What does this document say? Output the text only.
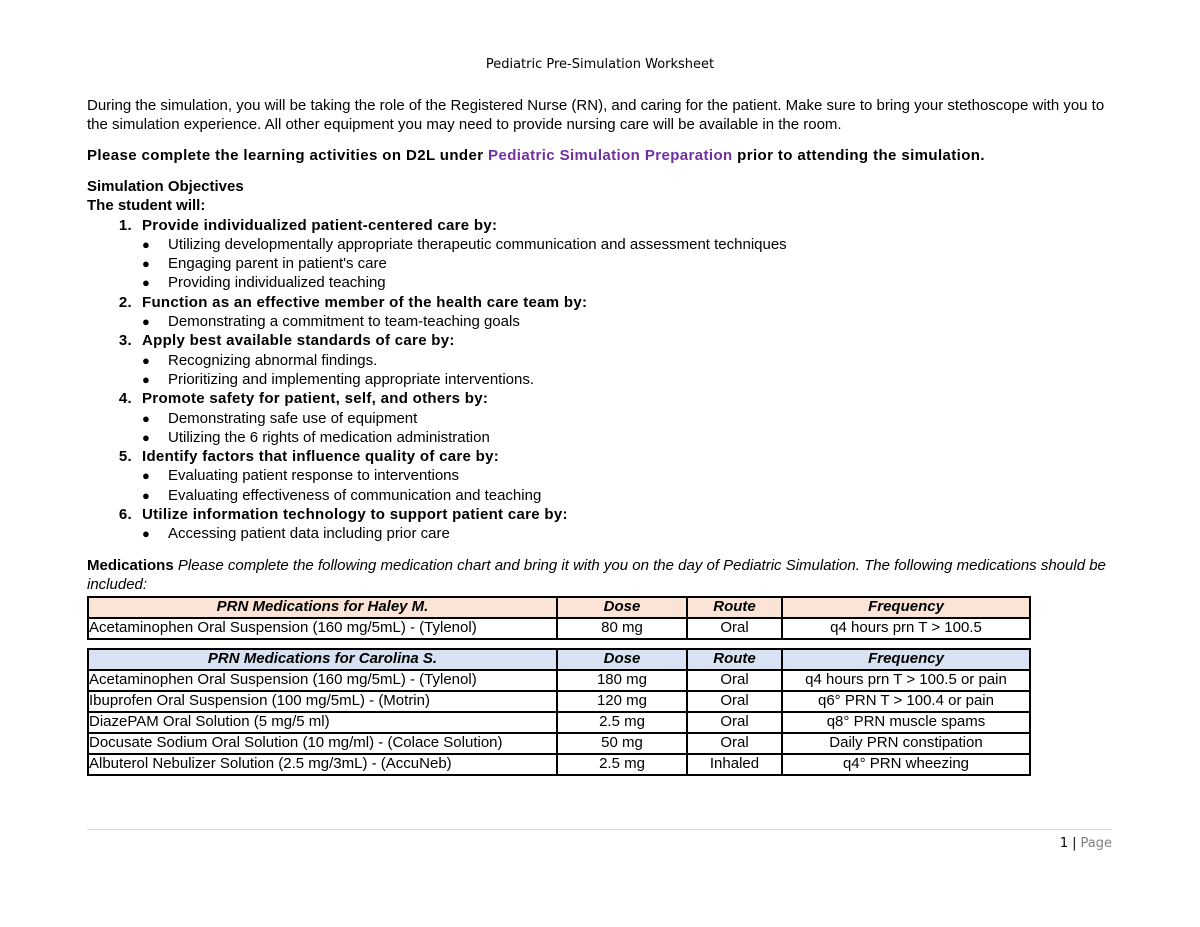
Pediatric Pre-Simulation Worksheet

During the simulation, you will be taking the role of the Registered Nurse (RN), and caring for the patient. Make sure to bring your stethoscope with you to the simulation experience. All other equipment you may need to provide nursing care will be available in the room.

Please complete the learning activities on D2L under Pediatric Simulation Preparation prior to attending the simulation.

Simulation Objectives
The student will:
1. Provide individualized patient-centered care by:
● Utilizing developmentally appropriate therapeutic communication and assessment techniques
● Engaging parent in patient's care
● Providing individualized teaching
2. Function as an effective member of the health care team by:
● Demonstrating a commitment to team-teaching goals
3. Apply best available standards of care by:
● Recognizing abnormal findings.
● Prioritizing and implementing appropriate interventions.
4. Promote safety for patient, self, and others by:
● Demonstrating safe use of equipment
● Utilizing the 6 rights of medication administration
5. Identify factors that influence quality of care by:
● Evaluating patient response to interventions
● Evaluating effectiveness of communication and teaching
6. Utilize information technology to support patient care by:
● Accessing patient data including prior care
Medications Please complete the following medication chart and bring it with you on the day of Pediatric Simulation. The following medications should be included:
PRN Medications for Haley M.	Dose	Route	Frequency
Acetaminophen Oral Suspension (160 mg/5mL) - (Tylenol)	80 mg	Oral	q4 hours prn T > 100.5
PRN Medications for Carolina S.	Dose	Route	Frequency
Acetaminophen Oral Suspension (160 mg/5mL) - (Tylenol)	180 mg	Oral	q4 hours prn T > 100.5 or pain
Ibuprofen Oral Suspension (100 mg/5mL) - (Motrin)	120 mg	Oral	q6° PRN T > 100.4 or pain
DiazePAM Oral Solution (5 mg/5 ml)	2.5 mg	Oral	q8° PRN muscle spams
Docusate Sodium Oral Solution (10 mg/ml) - (Colace Solution)	50 mg	Oral	Daily PRN constipation
Albuterol Nebulizer Solution (2.5 mg/3mL) - (AccuNeb)	2.5 mg	Inhaled	q4° PRN wheezing
1 | Page
